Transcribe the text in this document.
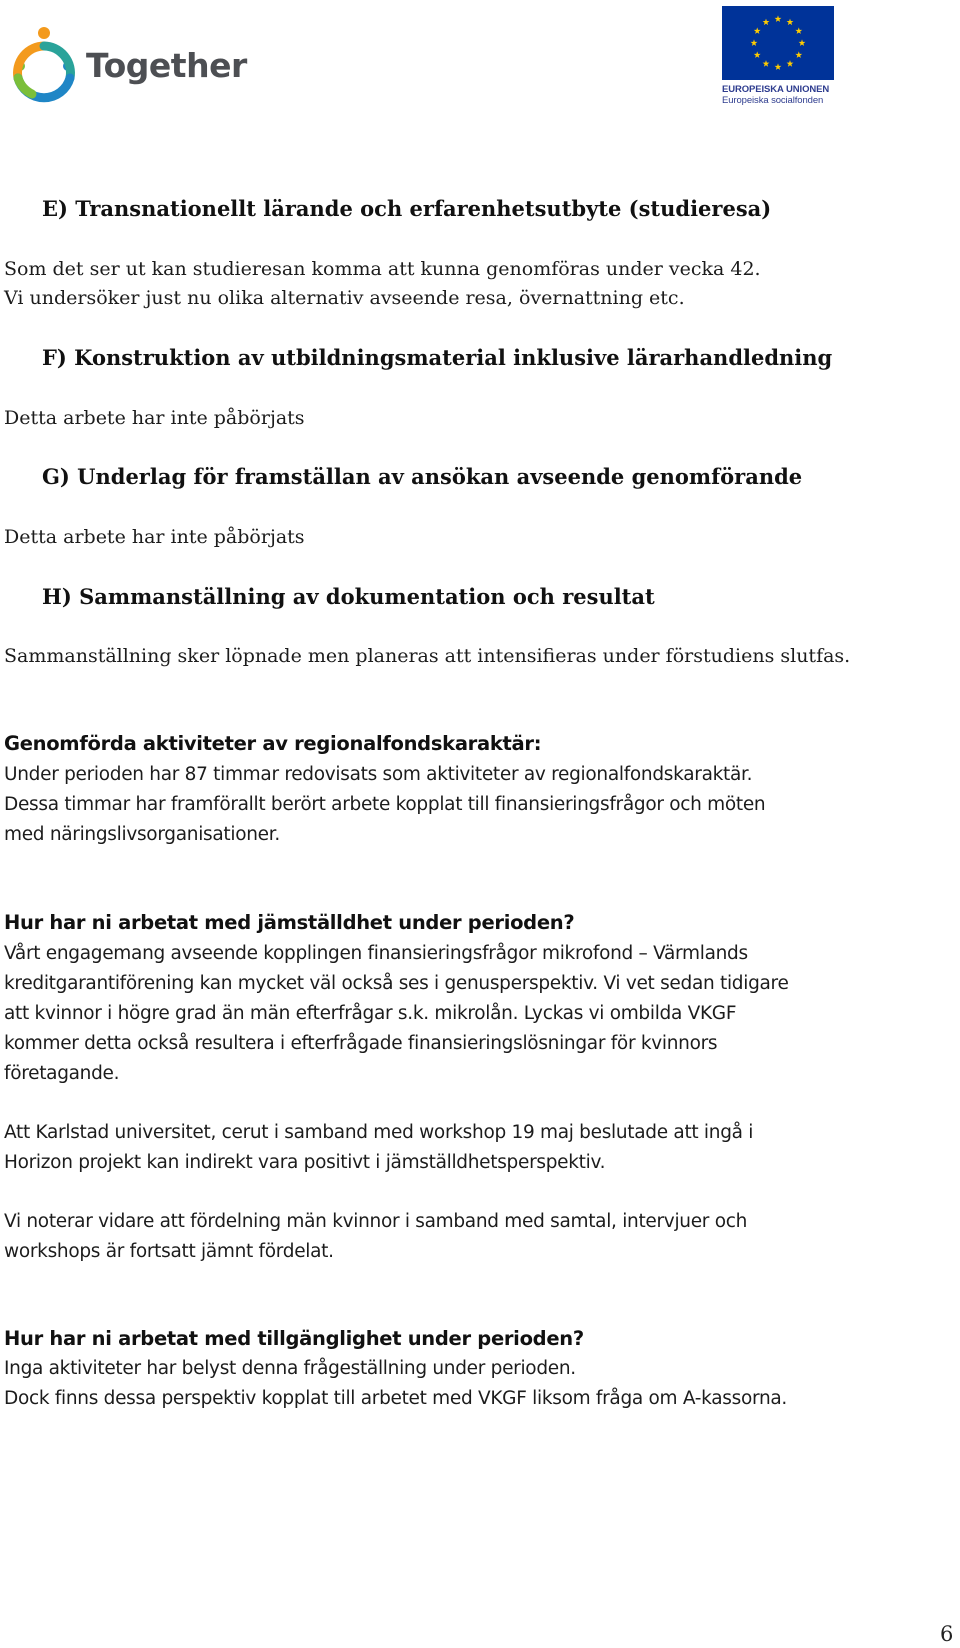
Together
EUROPEISKA UNIONEN
Europeiska socialfonden

E) Transnationellt lärande och erfarenhetsutbyte (studieresa)

Som det ser ut kan studieresan komma att kunna genomföras under vecka 42.

Vi undersöker just nu olika alternativ avseende resa, övernattning etc.

F) Konstruktion av utbildningsmaterial inklusive lärarhandledning

Detta arbete har inte påbörjats

G) Underlag för framställan av ansökan avseende genomförande

Detta arbete har inte påbörjats

H) Sammanställning av dokumentation och resultat

Sammanställning sker löpnade men planeras att intensifieras under förstudiens slutfas.

Genomförda aktiviteter av regionalfondskaraktär:

Under perioden har 87 timmar redovisats som aktiviteter av regionalfondskaraktär.

Dessa timmar har framförallt berört arbete kopplat till finansieringsfrågor och möten

med näringslivsorganisationer.

Hur har ni arbetat med jämställdhet under perioden?

Vårt engagemang avseende kopplingen finansieringsfrågor mikrofond – Värmlands

kreditgarantiförening kan mycket väl också ses i genusperspektiv. Vi vet sedan tidigare

att kvinnor i högre grad än män efterfrågar s.k. mikrolån. Lyckas vi ombilda VKGF

kommer detta också resultera i efterfrågade finansieringslösningar för kvinnors

företagande.

Att Karlstad universitet, cerut i samband med workshop 19 maj beslutade att ingå i

Horizon projekt kan indirekt vara positivt i jämställdhetsperspektiv.

Vi noterar vidare att fördelning män kvinnor i samband med samtal, intervjuer och

workshops är fortsatt jämnt fördelat.

Hur har ni arbetat med tillgänglighet under perioden?

Inga aktiviteter har belyst denna frågeställning under perioden.

Dock finns dessa perspektiv kopplat till arbetet med VKGF liksom fråga om A-kassorna.

6
